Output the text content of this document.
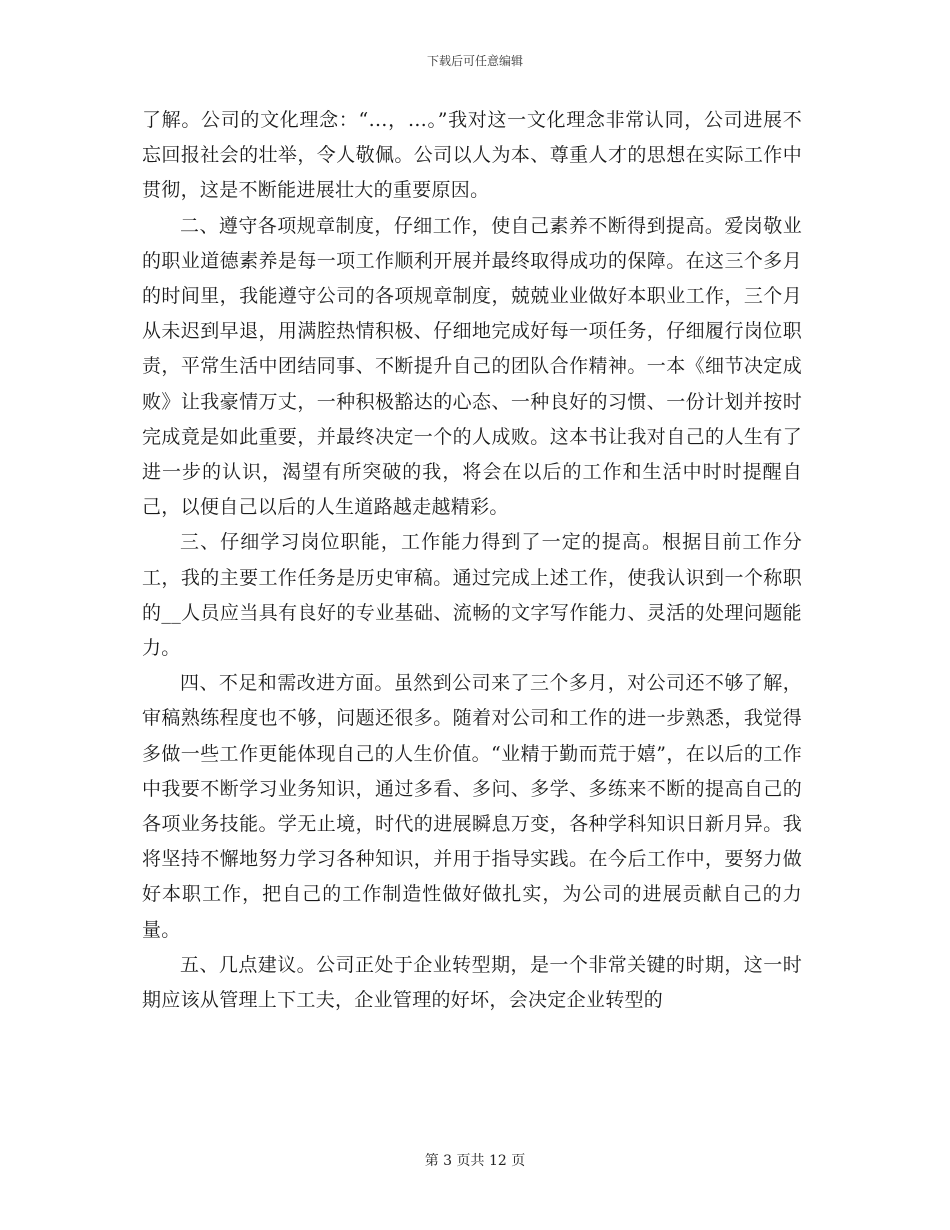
下载后可任意编辑

了解。公司的文化理念：“…，…。”我对这一文化理念非常认同，公司进展不忘回报社会的壮举，令人敬佩。公司以人为本、尊重人才的思想在实际工作中贯彻，这是不断能进展壮大的重要原因。

二、遵守各项规章制度，仔细工作，使自己素养不断得到提高。爱岗敬业的职业道德素养是每一项工作顺利开展并最终取得成功的保障。在这三个多月的时间里，我能遵守公司的各项规章制度，兢兢业业做好本职业工作，三个月从未迟到早退，用满腔热情积极、仔细地完成好每一项任务，仔细履行岗位职责，平常生活中团结同事、不断提升自己的团队合作精神。一本《细节决定成败》让我豪情万丈，一种积极豁达的心态、一种良好的习惯、一份计划并按时完成竟是如此重要，并最终决定一个的人成败。这本书让我对自己的人生有了进一步的认识，渴望有所突破的我，将会在以后的工作和生活中时时提醒自己，以便自己以后的人生道路越走越精彩。

三、仔细学习岗位职能，工作能力得到了一定的提高。根据目前工作分工，我的主要工作任务是历史审稿。通过完成上述工作，使我认识到一个称职的__人员应当具有良好的专业基础、流畅的文字写作能力、灵活的处理问题能力。

四、不足和需改进方面。虽然到公司来了三个多月，对公司还不够了解，审稿熟练程度也不够，问题还很多。随着对公司和工作的进一步熟悉，我觉得多做一些工作更能体现自己的人生价值。“业精于勤而荒于嬉”，在以后的工作中我要不断学习业务知识，通过多看、多问、多学、多练来不断的提高自己的各项业务技能。学无止境，时代的进展瞬息万变，各种学科知识日新月异。我将坚持不懈地努力学习各种知识，并用于指导实践。在今后工作中，要努力做好本职工作，把自己的工作制造性做好做扎实，为公司的进展贡献自己的力量。

五、几点建议。公司正处于企业转型期，是一个非常关键的时期，这一时期应该从管理上下工夫，企业管理的好坏，会决定企业转型的

第 3 页共 12 页
